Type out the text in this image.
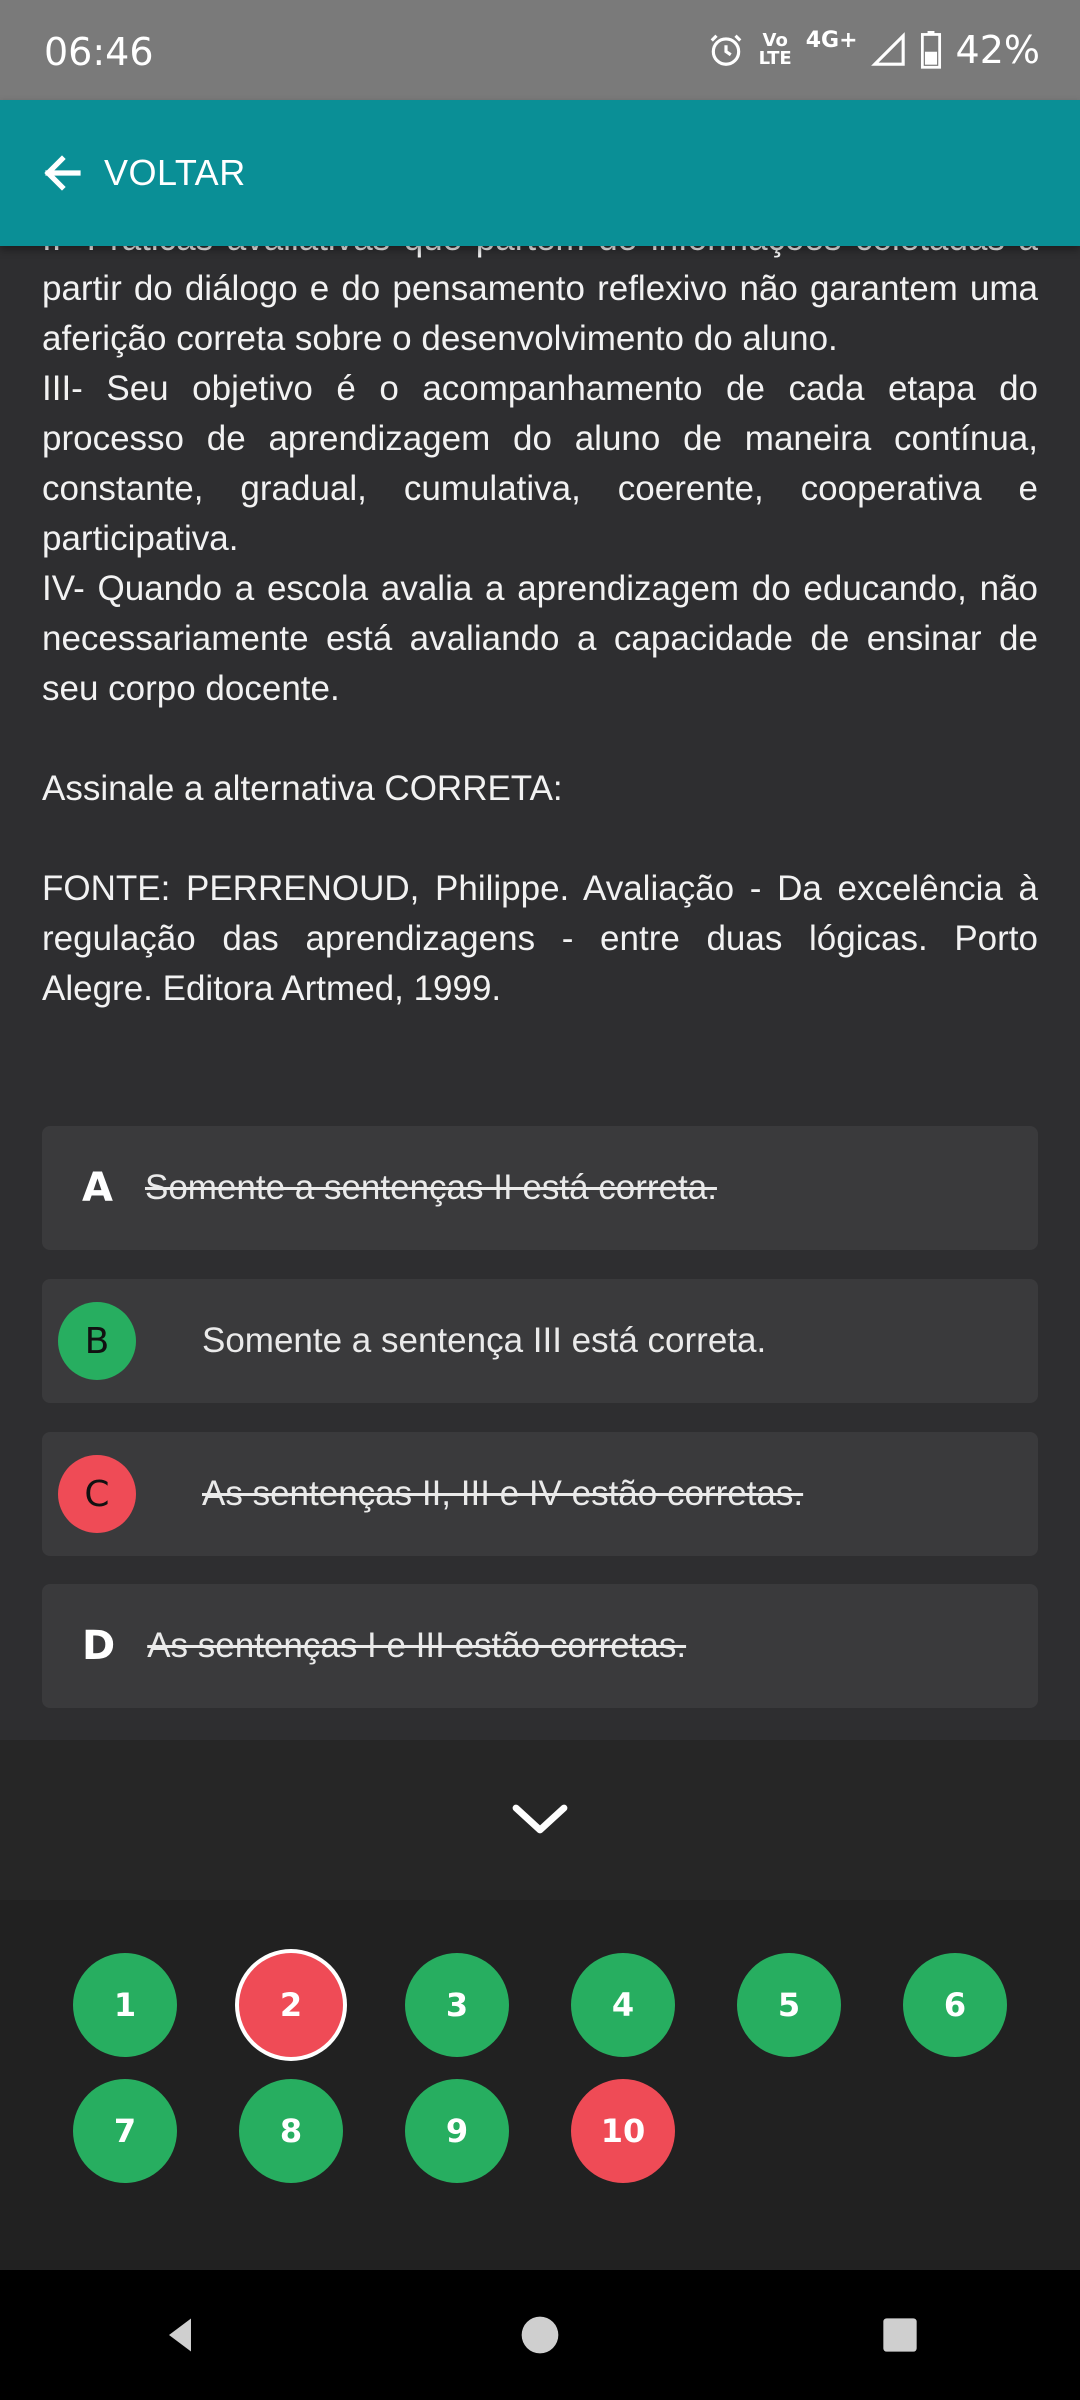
06:46	Vo
LTE
4G+	42%
VOLTAR

partir do diálogo e do pensamento reflexivo não garantem uma aferição correta sobre o desenvolvimento do aluno.

III- Seu objetivo é o acompanhamento de cada etapa do processo de aprendizagem do aluno de maneira contínua, constante, gradual, cumulativa, coerente, cooperativa e participativa.

IV- Quando a escola avalia a aprendizagem do educando, não necessariamente está avaliando a capacidade de ensinar de seu corpo docente.

Assinale a alternativa CORRETA:

FONTE: PERRENOUD, Philippe. Avaliação - Da excelência à regulação das aprendizagens - entre duas lógicas. Porto Alegre. Editora Artmed, 1999.

A Somente a sentenças II está correta.
B	Somente a sentença III está correta.
C	As sentenças II, III e IV estão corretas.
D As sentenças I e III estão corretas.
1	2	3	4	5	6
7	8	9	10
